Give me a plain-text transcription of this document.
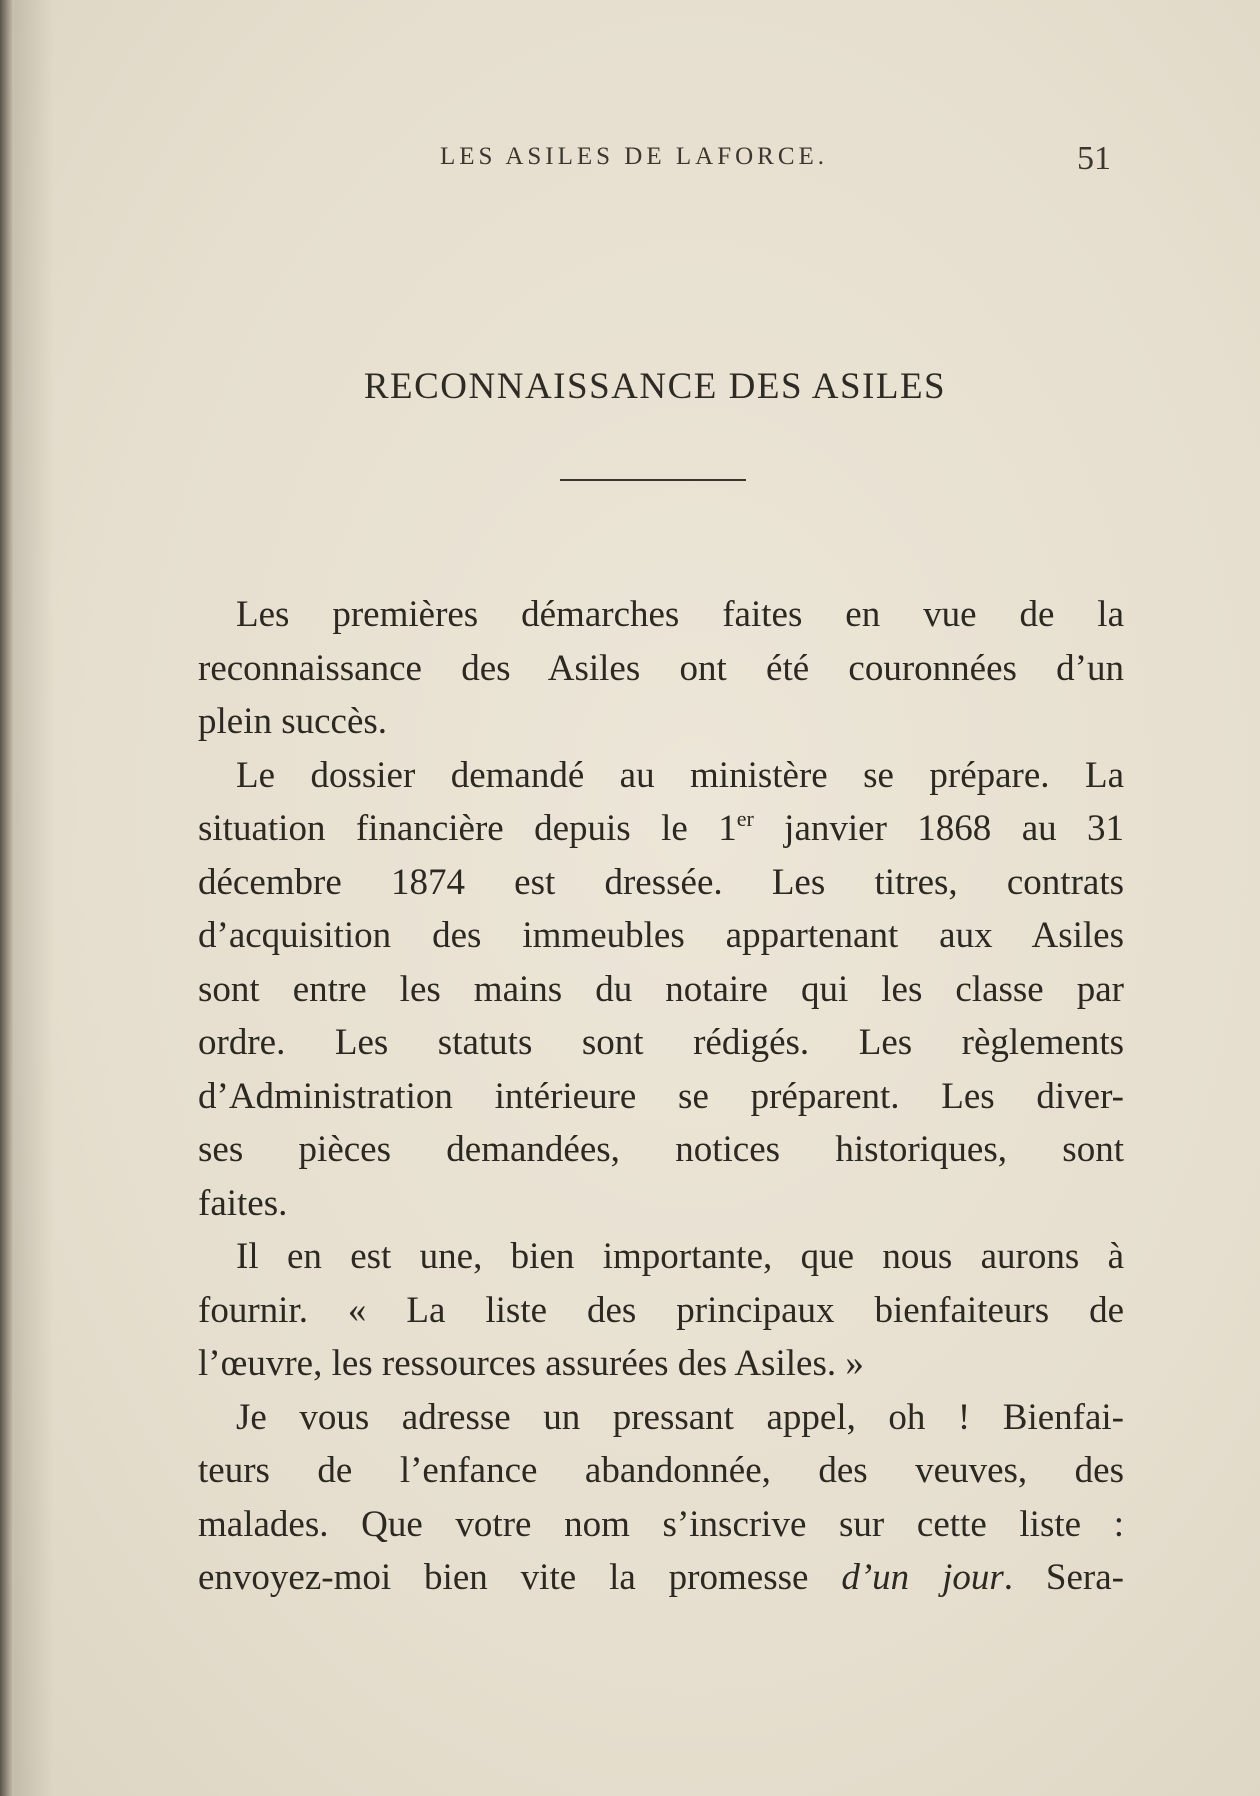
LES ASILES DE LAFORCE.	51
RECONNAISSANCE DES ASILES
Les premières démarches faites en vue de la
reconnaissance des Asiles ont été couronnées d’un
plein succès.
Le dossier demandé au ministère se prépare. La
situation financière depuis le 1er janvier 1868 au 31
décembre 1874 est dressée. Les titres, contrats
d’acquisition des immeubles appartenant aux Asiles
sont entre les mains du notaire qui les classe par
ordre. Les statuts sont rédigés. Les règlements
d’Administration intérieure se préparent. Les diver-
ses pièces demandées, notices historiques, sont
faites.
Il en est une, bien importante, que nous aurons à
fournir. « La liste des principaux bienfaiteurs de
l’œuvre, les ressources assurées des Asiles. »
Je vous adresse un pressant appel, oh ! Bienfai-
teurs de l’enfance abandonnée, des veuves, des
malades. Que votre nom s’inscrive sur cette liste :
envoyez-moi bien vite la promesse d’un jour. Sera-
